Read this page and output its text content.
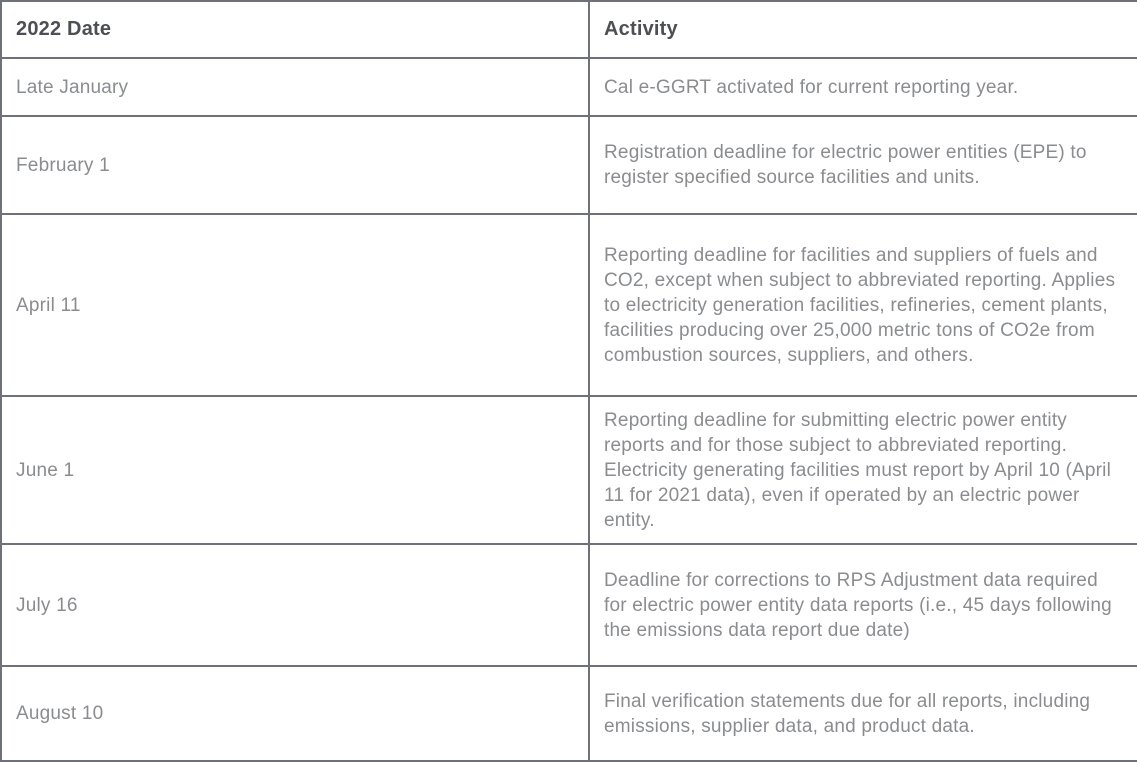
2022 Date	Activity
Late January	Cal e-GGRT activated for current reporting year.
February 1	Registration deadline for electric power entities (EPE) to register specified source facilities and units.
April 11	Reporting deadline for facilities and suppliers of fuels and CO2, except when subject to abbreviated reporting. Applies to electricity generation facilities, refineries, cement plants, facilities producing over 25,000 metric tons of CO2e from combustion sources, suppliers, and others.
June 1	Reporting deadline for submitting electric power entity reports and for those subject to abbreviated reporting. Electricity generating facilities must report by April 10 (April 11 for 2021 data), even if operated by an electric power entity.
July 16	Deadline for corrections to RPS Adjustment data required for electric power entity data reports (i.e., 45 days following the emissions data report due date)
August 10	Final verification statements due for all reports, including emissions, supplier data, and product data.
